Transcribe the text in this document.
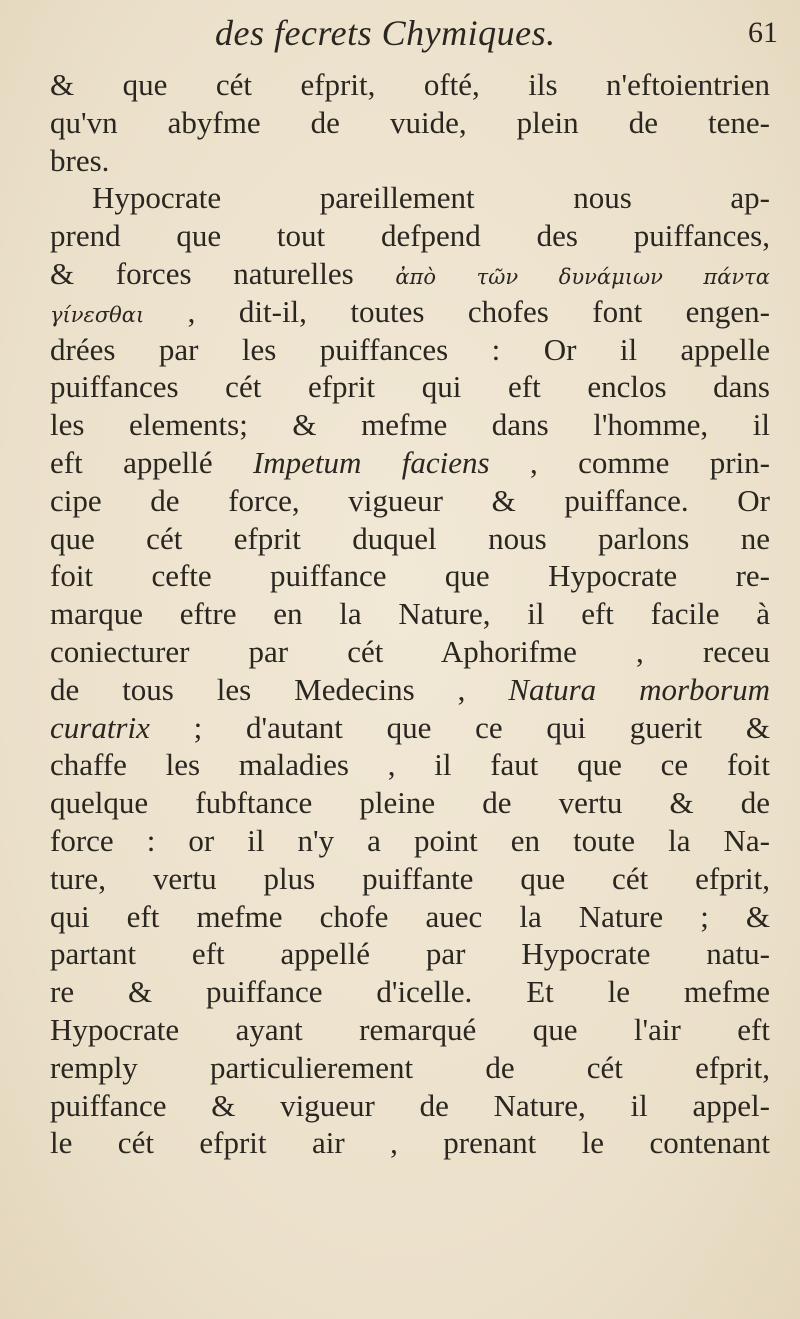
des fecrets Chymiques.	61
& que cét efprit, ofté, ils n'eftoientrien
qu'vn abyfme de vuide, plein de tene-
bres.
Hypocrate pareillement nous ap-
prend que tout defpend des puiffances,
& forces naturelles ἀπὸ τῶν δυνάμιων πάντα
γίνεσθαι , dit-il, toutes chofes font engen-
drées par les puiffances : Or il appelle
puiffances cét efprit qui eft enclos dans
les elements; & mefme dans l'homme, il
eft appellé Impetum faciens , comme prin-
cipe de force, vigueur & puiffance. Or
que cét efprit duquel nous parlons ne
foit cefte puiffance que Hypocrate re-
marque eftre en la Nature, il eft facile à
coniecturer par cét Aphorifme , receu
de tous les Medecins , Natura morborum
curatrix ; d'autant que ce qui guerit &
chaffe les maladies , il faut que ce foit
quelque fubftance pleine de vertu & de
force : or il n'y a point en toute la Na-
ture, vertu plus puiffante que cét efprit,
qui eft mefme chofe auec la Nature ; &
partant eft appellé par Hypocrate natu-
re & puiffance d'icelle. Et le mefme
Hypocrate ayant remarqué que l'air eft
remply particulierement de cét efprit,
puiffance & vigueur de Nature, il appel-
le cét efprit air , prenant le contenant
